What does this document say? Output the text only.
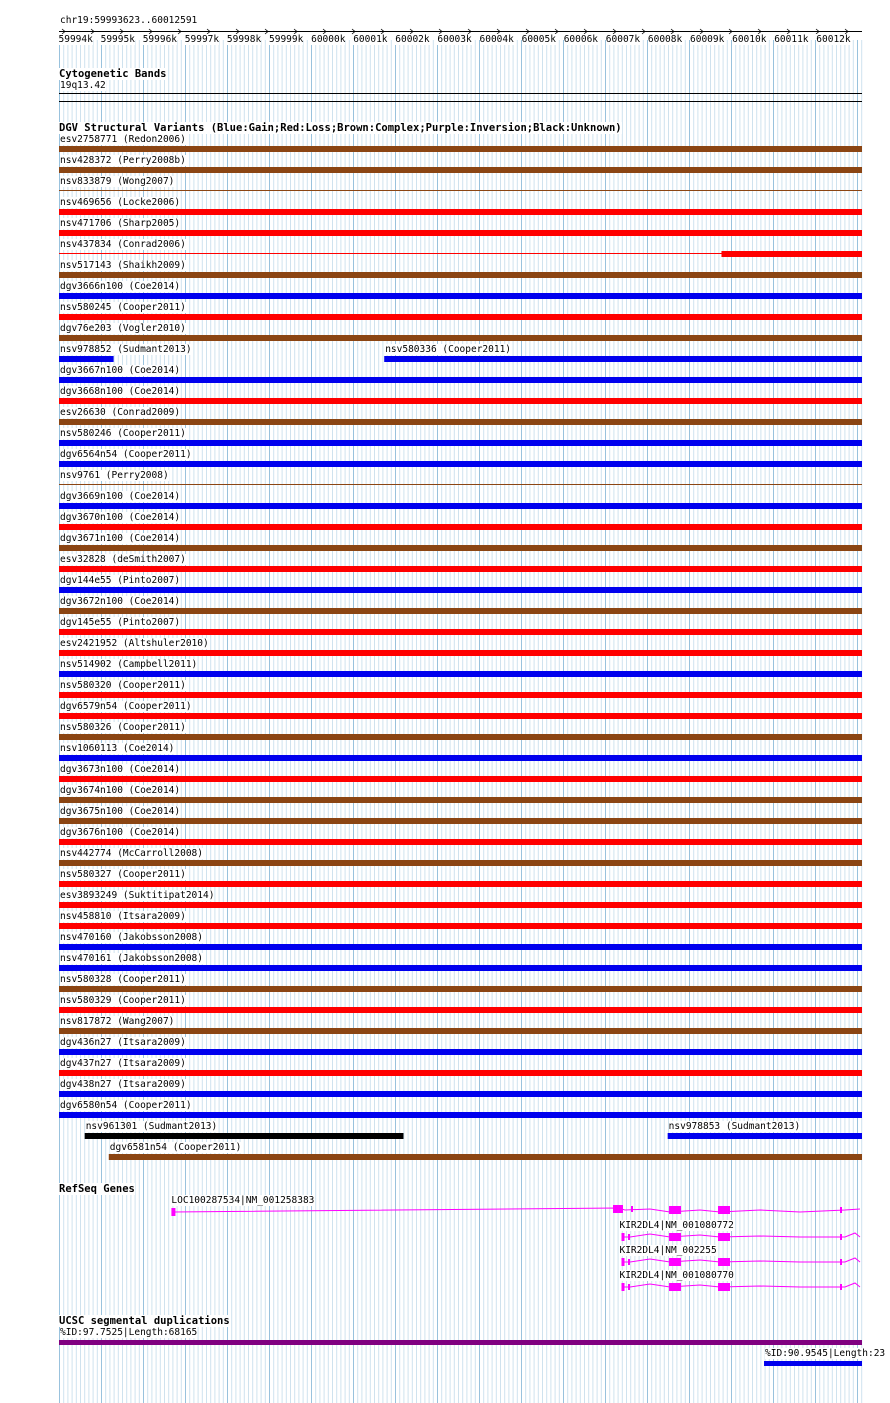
chr19:59993623..60012591
59994k 59995k 59996k 59997k 59998k 59999k 60000k 60001k 60002k 60003k 60004k 60005k 60006k 60007k 60008k 60009k 60010k 60011k 60012k
Cytogenetic Bands
19q13.42
DGV Structural Variants (Blue:Gain;Red:Loss;Brown:Complex;Purple:Inversion;Black:Unknown)
esv2758771 (Redon2006)
nsv428372 (Perry2008b)
nsv833879 (Wong2007)
nsv469656 (Locke2006)
nsv471706 (Sharp2005)
nsv437834 (Conrad2006)
nsv517143 (Shaikh2009)
dgv3666n100 (Coe2014)
nsv580245 (Cooper2011)
dgv76e203 (Vogler2010)
nsv978852 (Sudmant2013)	nsv580336 (Cooper2011)
dgv3667n100 (Coe2014)
dgv3668n100 (Coe2014)
esv26630 (Conrad2009)
nsv580246 (Cooper2011)
dgv6564n54 (Cooper2011)
nsv9761 (Perry2008)
dgv3669n100 (Coe2014)
dgv3670n100 (Coe2014)
dgv3671n100 (Coe2014)
esv32828 (deSmith2007)
dgv144e55 (Pinto2007)
dgv3672n100 (Coe2014)
dgv145e55 (Pinto2007)
esv2421952 (Altshuler2010)
nsv514902 (Campbell2011)
nsv580320 (Cooper2011)
dgv6579n54 (Cooper2011)
nsv580326 (Cooper2011)
nsv1060113 (Coe2014)
dgv3673n100 (Coe2014)
dgv3674n100 (Coe2014)
dgv3675n100 (Coe2014)
dgv3676n100 (Coe2014)
nsv442774 (McCarroll2008)
nsv580327 (Cooper2011)
esv3893249 (Suktitipat2014)
nsv458810 (Itsara2009)
nsv470160 (Jakobsson2008)
nsv470161 (Jakobsson2008)
nsv580328 (Cooper2011)
nsv580329 (Cooper2011)
nsv817872 (Wang2007)
dgv436n27 (Itsara2009)
dgv437n27 (Itsara2009)
dgv438n27 (Itsara2009)
dgv6580n54 (Cooper2011)
nsv961301 (Sudmant2013)	nsv978853 (Sudmant2013)
dgv6581n54 (Cooper2011)
RefSeq Genes
LOC100287534|NM_001258383
KIR2DL4|NM_001080772
KIR2DL4|NM_002255
KIR2DL4|NM_001080770
UCSC segmental duplications
%ID:97.7525|Length:68165
%ID:90.9545|Length:23
